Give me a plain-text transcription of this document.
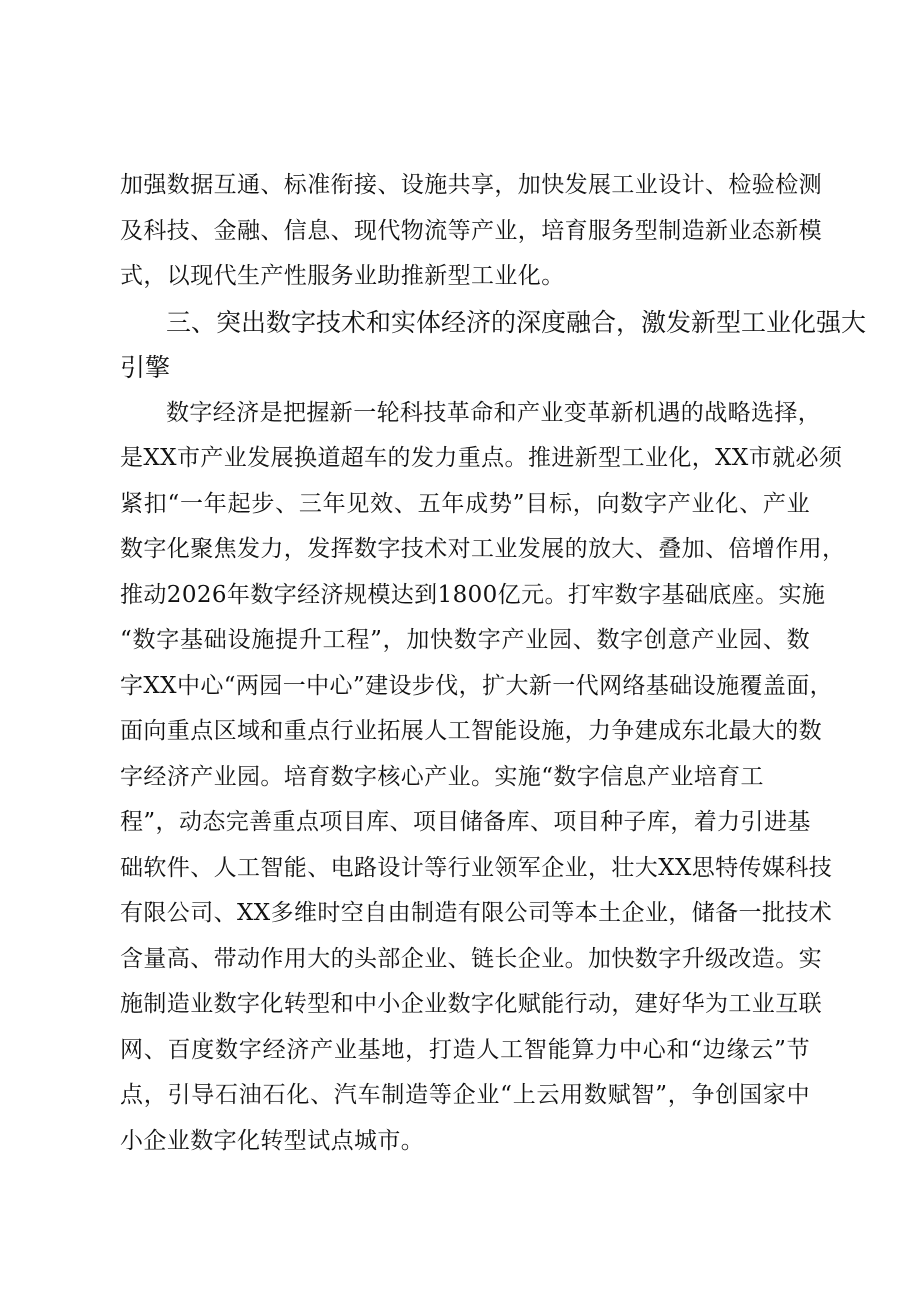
加强数据互通、标准衔接、设施共享，加快发展工业设计、检验检测
及科技、金融、信息、现代物流等产业，培育服务型制造新业态新模
式，以现代生产性服务业助推新型工业化。
三、突出数字技术和实体经济的深度融合，激发新型工业化强大
引擎
数字经济是把握新一轮科技革命和产业变革新机遇的战略选择，
是XX市产业发展换道超车的发力重点。推进新型工业化，XX市就必须
紧扣“一年起步、三年见效、五年成势”目标，向数字产业化、产业
数字化聚焦发力，发挥数字技术对工业发展的放大、叠加、倍增作用，
推动2026年数字经济规模达到1800亿元。打牢数字基础底座。实施
“数字基础设施提升工程”，加快数字产业园、数字创意产业园、数
字XX中心“两园一中心”建设步伐，扩大新一代网络基础设施覆盖面，
面向重点区域和重点行业拓展人工智能设施，力争建成东北最大的数
字经济产业园。培育数字核心产业。实施“数字信息产业培育工
程”，动态完善重点项目库、项目储备库、项目种子库，着力引进基
础软件、人工智能、电路设计等行业领军企业，壮大XX思特传媒科技
有限公司、XX多维时空自由制造有限公司等本土企业，储备一批技术
含量高、带动作用大的头部企业、链长企业。加快数字升级改造。实
施制造业数字化转型和中小企业数字化赋能行动，建好华为工业互联
网、百度数字经济产业基地，打造人工智能算力中心和“边缘云”节
点，引导石油石化、汽车制造等企业“上云用数赋智”，争创国家中
小企业数字化转型试点城市。
